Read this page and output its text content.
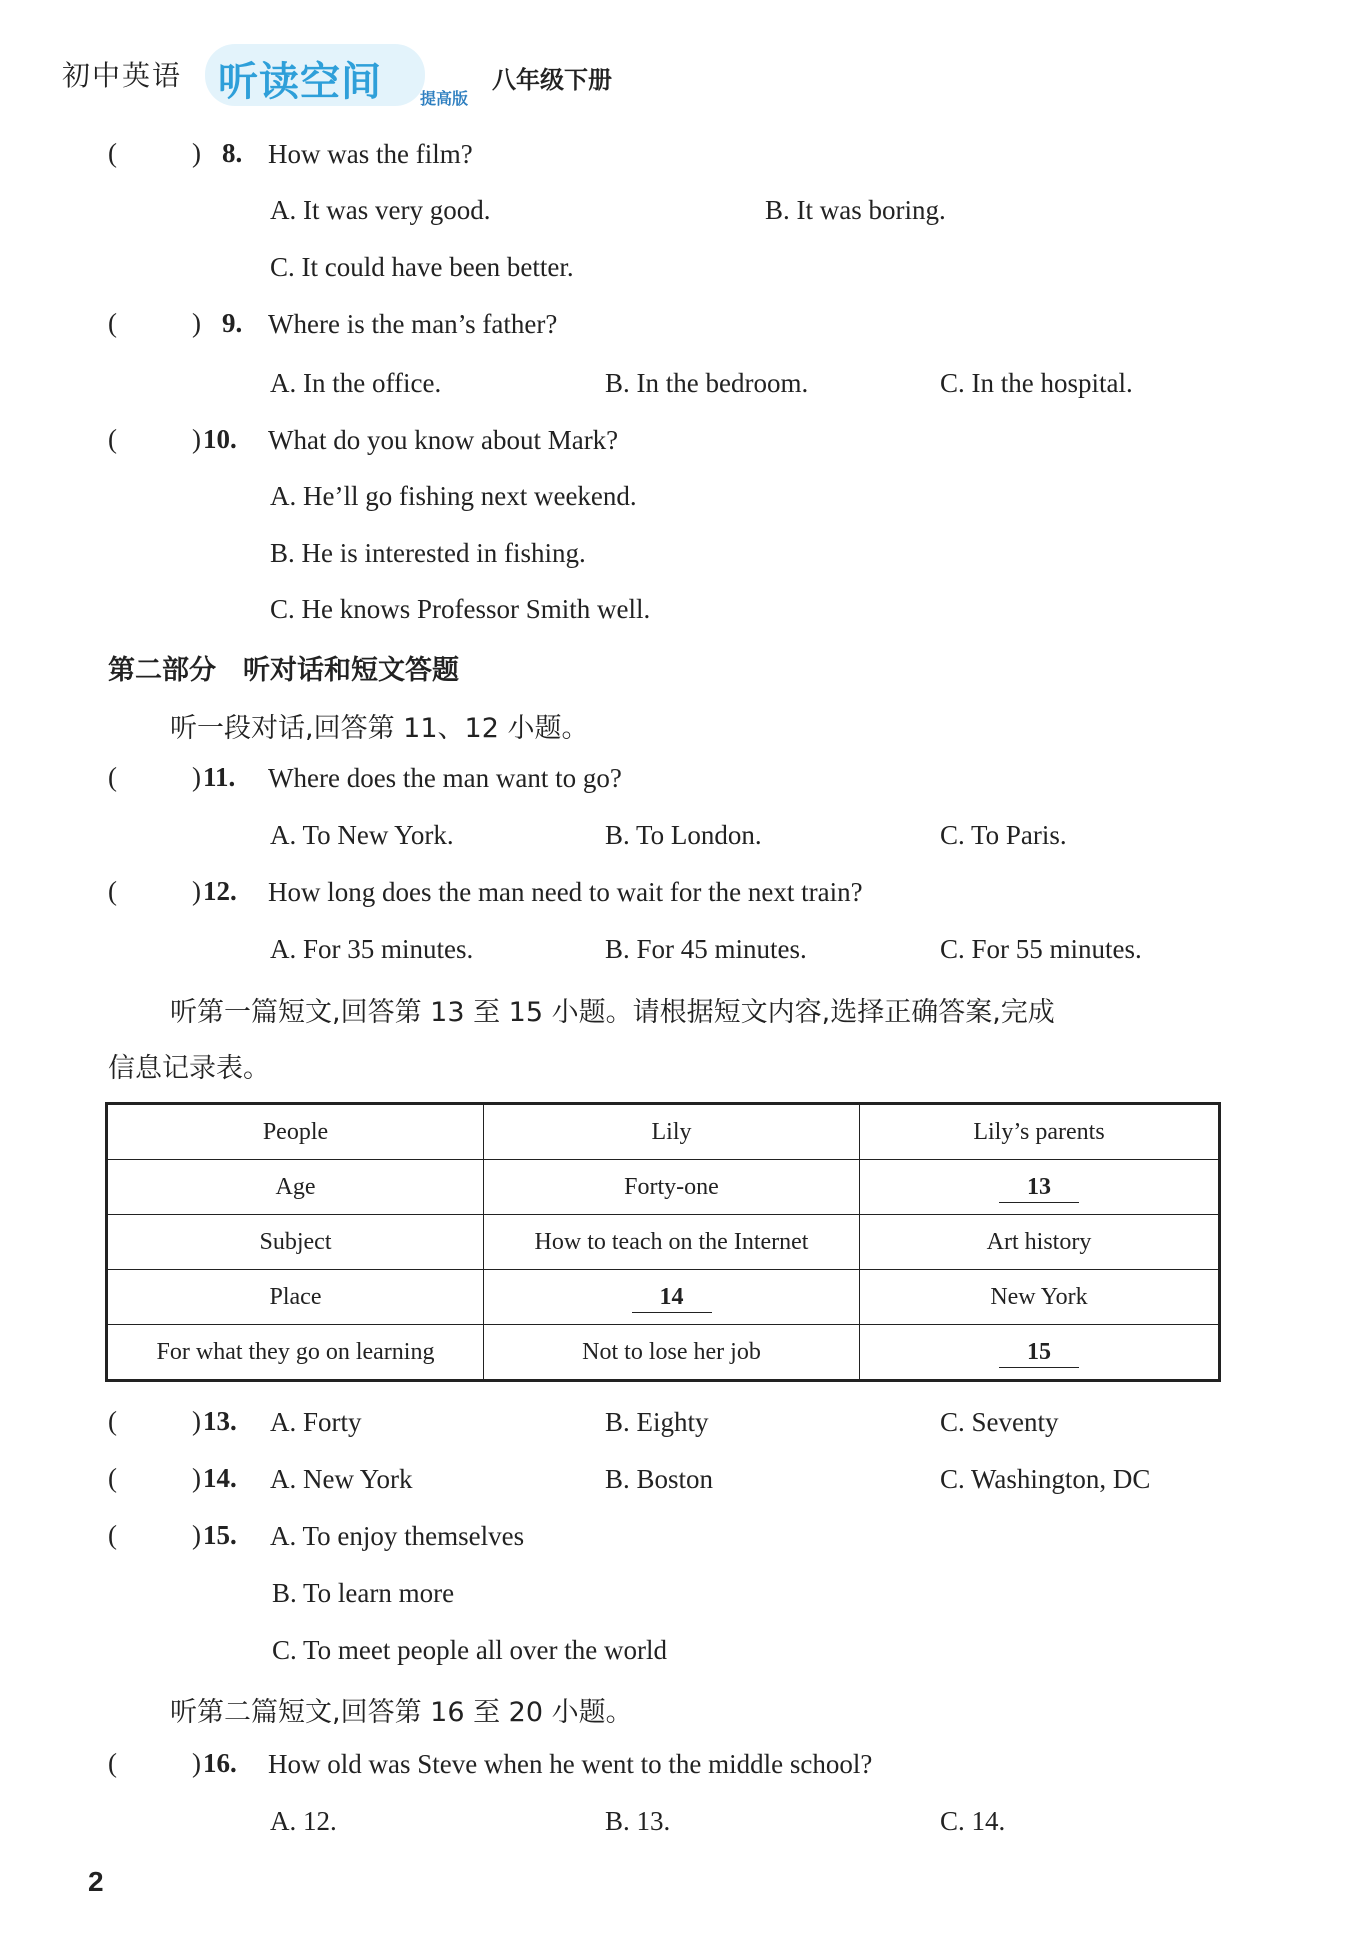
初中英语 听读空间 提高版
八年级下册
(	) 8. How was the film?
A. It was very good.	B. It was boring.
C. It could have been better.
(	) 9. Where is the man’s father?
A. In the office.	B. In the bedroom.	C. In the hospital.
(	) 10. What do you know about Mark?
A. He’ll go fishing next weekend.
B. He is interested in fishing.
C. He knows Professor Smith well.
第二部分　听对话和短文答题
听一段对话,回答第 11、12 小题。
(	) 11. Where does the man want to go?
A. To New York.	B. To London.	C. To Paris.
(	) 12. How long does the man need to wait for the next train?
A. For 35 minutes.	B. For 45 minutes.	C. For 55 minutes.
听第一篇短文,回答第 13 至 15 小题。请根据短文内容,选择正确答案,完成
信息记录表。
People	Lily	Lily’s parents
Age	Forty-one	13
Subject	How to teach on the Internet	Art history
Place	14	New York
For what they go on learning	Not to lose her job	15
(	) 13. A. Forty	B. Eighty	C. Seventy
(	) 14. A. New York	B. Boston	C. Washington, DC
(	) 15. A. To enjoy themselves
B. To learn more
C. To meet people all over the world
听第二篇短文,回答第 16 至 20 小题。
(	) 16. How old was Steve when he went to the middle school?
A. 12.	B. 13.	C. 14.
2
